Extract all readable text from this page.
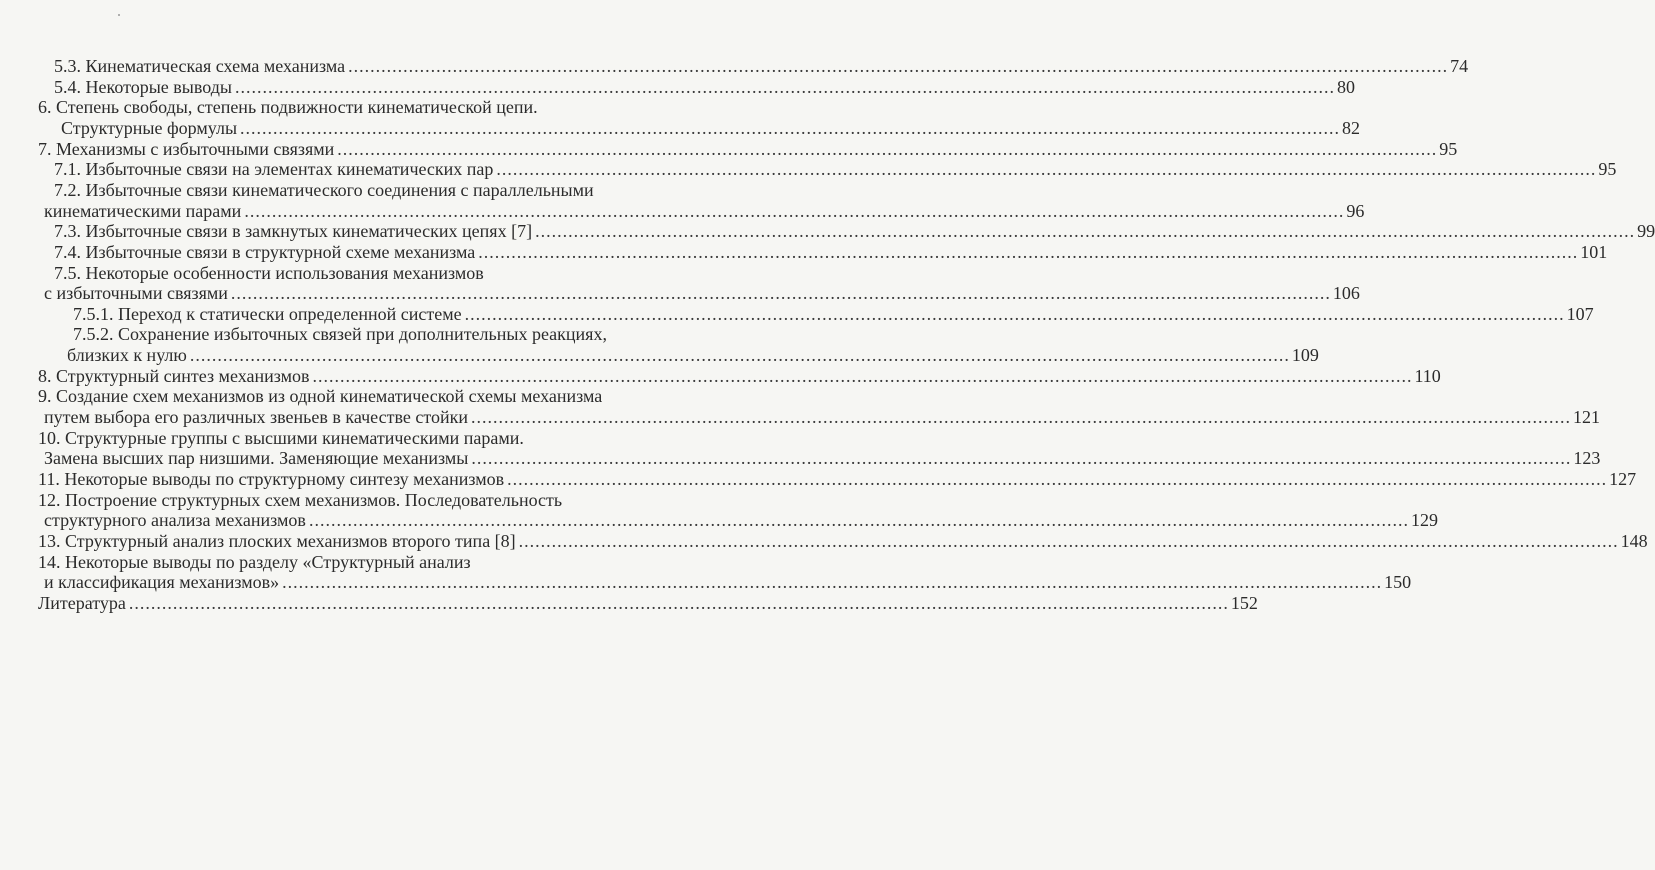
5.3. Кинематическая схема механизма ........................................................................................................................................................................................................ 74
5.4. Некоторые выводы ........................................................................................................................................................................................................ 80
6. Степень свободы, степень подвижности кинематической цепи.
Структурные формулы ........................................................................................................................................................................................................ 82
7. Механизмы с избыточными связями ........................................................................................................................................................................................................ 95
7.1. Избыточные связи на элементах кинематических пар ........................................................................................................................................................................................................ 95
7.2. Избыточные связи кинематического соединения с параллельными
кинематическими парами ........................................................................................................................................................................................................ 96
7.3. Избыточные связи в замкнутых кинематических цепях [7] ........................................................................................................................................................................................................ 99
7.4. Избыточные связи в структурной схеме механизма ........................................................................................................................................................................................................ 101
7.5. Некоторые особенности использования механизмов
с избыточными связями ........................................................................................................................................................................................................ 106
7.5.1. Переход к статически определенной системе ........................................................................................................................................................................................................ 107
7.5.2. Сохранение избыточных связей при дополнительных реакциях,
близких к нулю ........................................................................................................................................................................................................ 109
8. Структурный синтез механизмов ........................................................................................................................................................................................................ 110
9. Создание схем механизмов из одной кинематической схемы механизма
путем выбора его различных звеньев в качестве стойки ........................................................................................................................................................................................................ 121
10. Структурные группы с высшими кинематическими парами.
Замена высших пар низшими. Заменяющие механизмы ........................................................................................................................................................................................................ 123
11. Некоторые выводы по структурному синтезу механизмов ........................................................................................................................................................................................................ 127
12. Построение структурных схем механизмов. Последовательность
структурного анализа механизмов ........................................................................................................................................................................................................ 129
13. Структурный анализ плоских механизмов второго типа [8] ........................................................................................................................................................................................................ 148
14. Некоторые выводы по разделу «Структурный анализ
и классификация механизмов» ........................................................................................................................................................................................................ 150
Литература ........................................................................................................................................................................................................ 152
